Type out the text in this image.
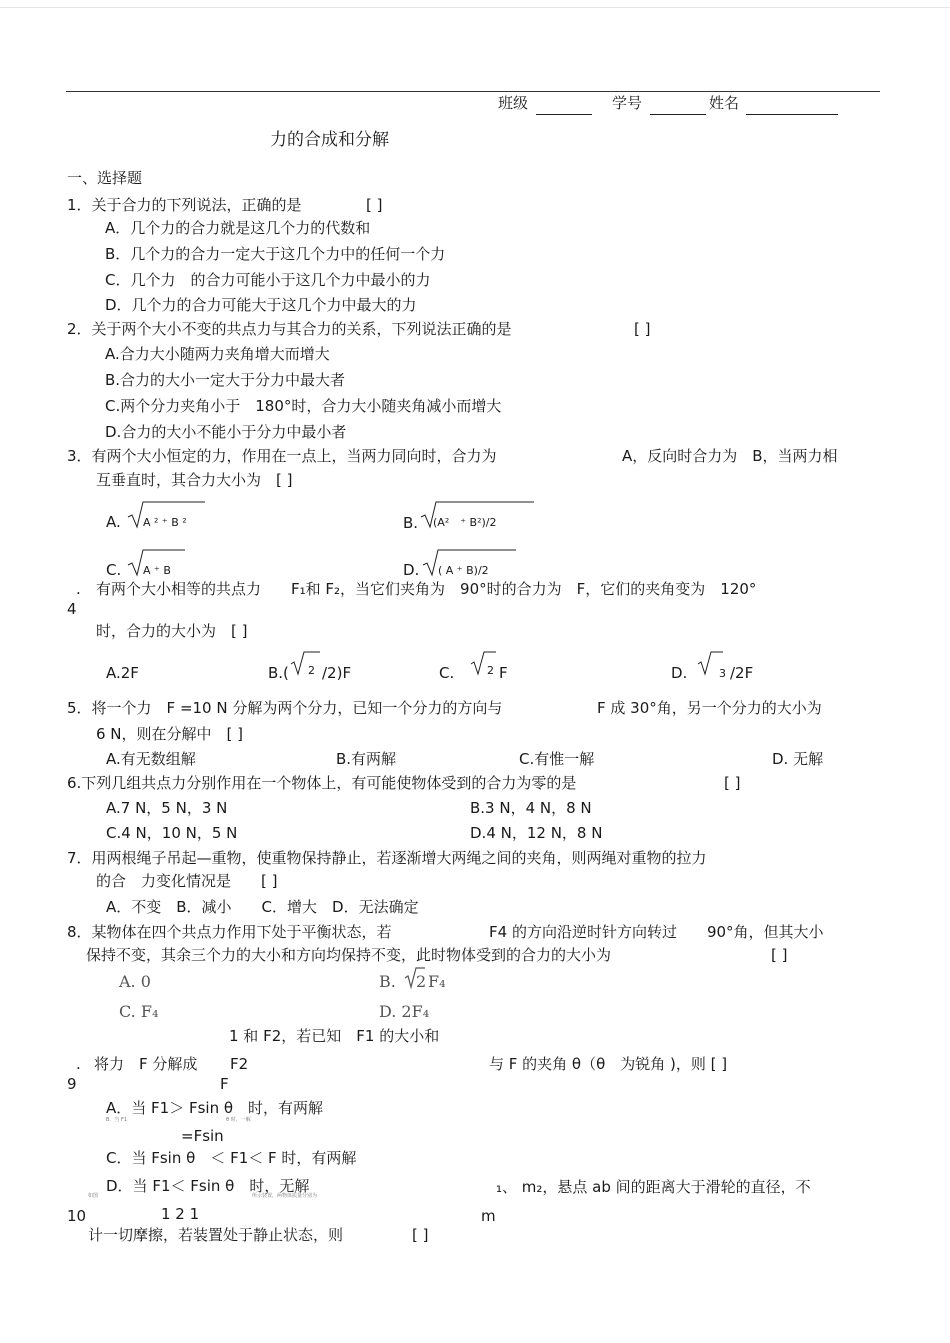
班级	学号	姓名
力的合成和分解
一、选择题
1．关于合力的下列说法，正确的是	[ ]
A．几个力的合力就是这几个力的代数和
B．几个力的合力一定大于这几个力中的任何一个力
C．几个力　的合力可能小于这几个力中最小的力
D．几个力的合力可能大于这几个力中最大的力
2．关于两个大小不变的共点力与其合力的关系，下列说法正确的是	[ ]
A.合力大小随两力夹角增大而增大
B.合力的大小一定大于分力中最大者
C.两个分力夹角小于　180°时，合力大小随夹角减小而增大
D.合力的大小不能小于分力中最小者
3．有两个大小恒定的力，作用在一点上，当两力同向时，合力为	A，反向时合力为　B，当两力相
互垂直时，其合力大小为　[ ]
A. A ² ⁺ B ²	B. (A²　⁺ B²)/2
C. A ⁺ B	D. ( A ⁺ B)/2
. 有两个大小相等的共点力　　F₁和 F₂，当它们夹角为　90°时的合力为　F，它们的夹角变为　120°
4
时，合力的大小为　[ ]
A.2F	B.( 2 /2)F	C.	2 F	D.	3 /2F
5．将一个力　F =10 N 分解为两个分力，已知一个分力的方向与	F 成 30°角，另一个分力的大小为
6 N，则在分解中　[ ]
A.有无数组解	B.有两解	C.有惟一解	D. 无解
6.下列几组共点力分别作用在一个物体上，有可能使物体受到的合力为零的是	[ ]
A.7 N，5 N，3 N	B.3 N，4 N，8 N
C.4 N，10 N，5 N	D.4 N，12 N，8 N
7．用两根绳子吊起—重物，使重物保持静止，若逐渐增大两绳之间的夹角，则两绳对重物的拉力
的合　力变化情况是　　[ ]
A．不变　B．减小　　C．增大　D．无法确定
8．某物体在四个共点力作用下处于平衡状态，若	F4 的方向沿逆时针方向转过　　90°角，但其大小
保持不变，其余三个力的大小和方向均保持不变，此时物体受到的合力的大小为	[ ]
A. 0	B. 2 F₄
C. F₄	D. 2F₄
1 和 F2，若已知　F1 的大小和
. 将力　F 分解成 F2	与 F 的夹角 θ（θ　为锐角 )，则 [ ]
9	F
A．当 F1＞ Fsin θ　时，有两解
B．当 F1	θ 时，一解
=Fsin
C．当 Fsin θ　＜ F1＜ F 时，有两解
D．当 F1＜ Fsin θ　时，无解
如图	所示装置，两物体质量分别为	₁、 m₂，悬点 ab 间的距离大于滑轮的直径，不
10	1 2 1	m
计一切摩擦，若装置处于静止状态，则	[ ]
